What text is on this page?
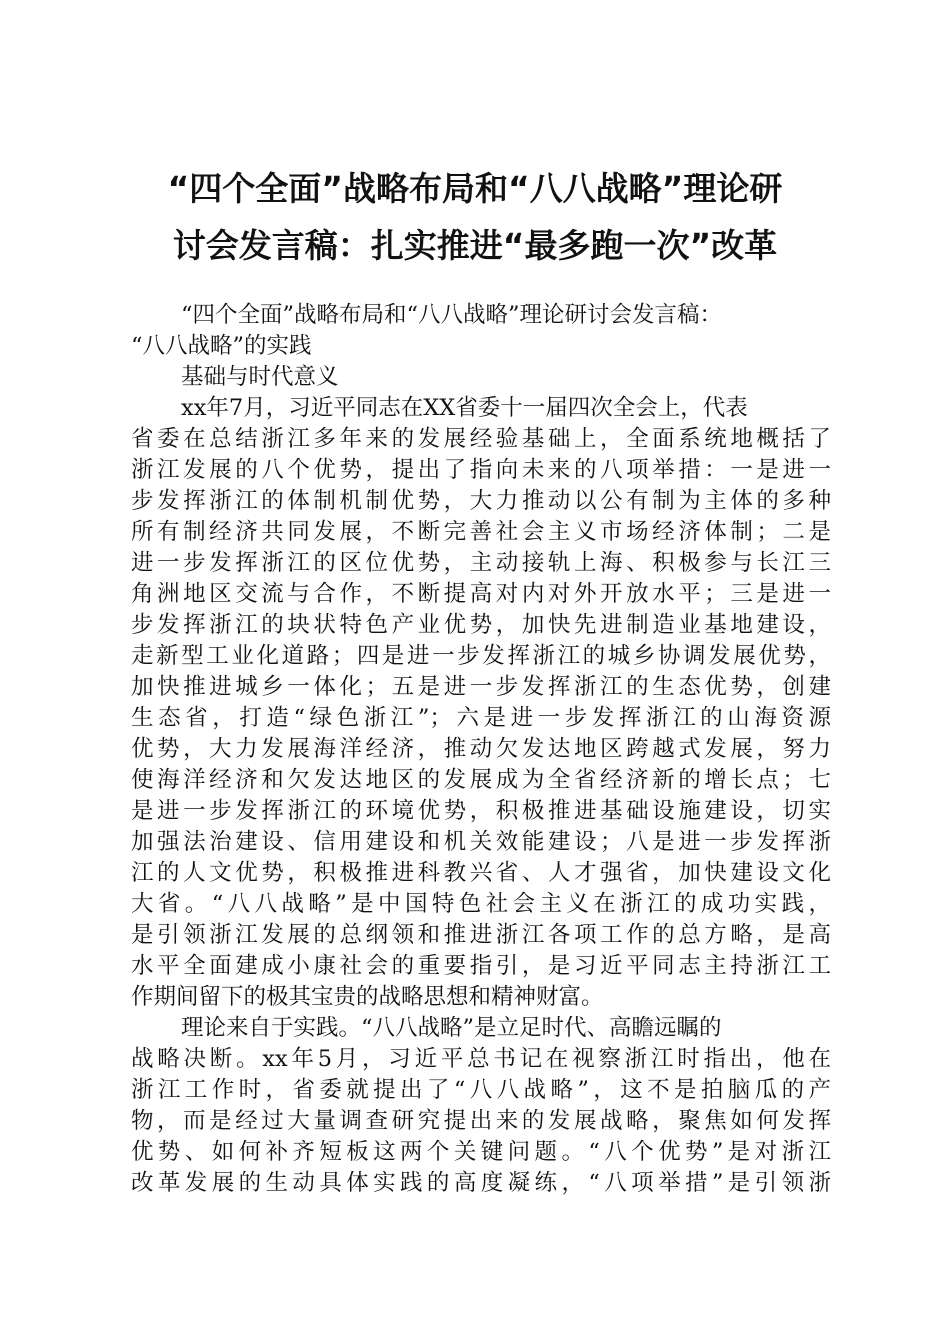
“四个全面”战略布局和“八八战略”理论研
讨会发言稿：扎实推进“最多跑一次”改革
“四个全面”战略布局和“八八战略”理论研讨会发言稿：
“八八战略”的实践
基础与时代意义
xx年7月，习近平同志在XX省委十一届四次全会上，代表
省委在总结浙江多年来的发展经验基础上，全面系统地概括了
浙江发展的八个优势，提出了指向未来的八项举措：一是进一
步发挥浙江的体制机制优势，大力推动以公有制为主体的多种
所有制经济共同发展，不断完善社会主义市场经济体制；二是
进一步发挥浙江的区位优势，主动接轨上海、积极参与长江三
角洲地区交流与合作，不断提高对内对外开放水平；三是进一
步发挥浙江的块状特色产业优势，加快先进制造业基地建设，
走新型工业化道路；四是进一步发挥浙江的城乡协调发展优势，
加快推进城乡一体化；五是进一步发挥浙江的生态优势，创建
生态省，打造“绿色浙江”；六是进一步发挥浙江的山海资源
优势，大力发展海洋经济，推动欠发达地区跨越式发展，努力
使海洋经济和欠发达地区的发展成为全省经济新的增长点；七
是进一步发挥浙江的环境优势，积极推进基础设施建设，切实
加强法治建设、信用建设和机关效能建设；八是进一步发挥浙
江的人文优势，积极推进科教兴省、人才强省，加快建设文化
大省。“八八战略”是中国特色社会主义在浙江的成功实践，
是引领浙江发展的总纲领和推进浙江各项工作的总方略，是高
水平全面建成小康社会的重要指引，是习近平同志主持浙江工
作期间留下的极其宝贵的战略思想和精神财富。
理论来自于实践。“八八战略”是立足时代、高瞻远瞩的
战略决断。xx年5月，习近平总书记在视察浙江时指出，他在
浙江工作时，省委就提出了“八八战略”，这不是拍脑瓜的产
物，而是经过大量调查研究提出来的发展战略，聚焦如何发挥
优势、如何补齐短板这两个关键问题。“八个优势”是对浙江
改革发展的生动具体实践的高度凝练，“八项举措”是引领浙
